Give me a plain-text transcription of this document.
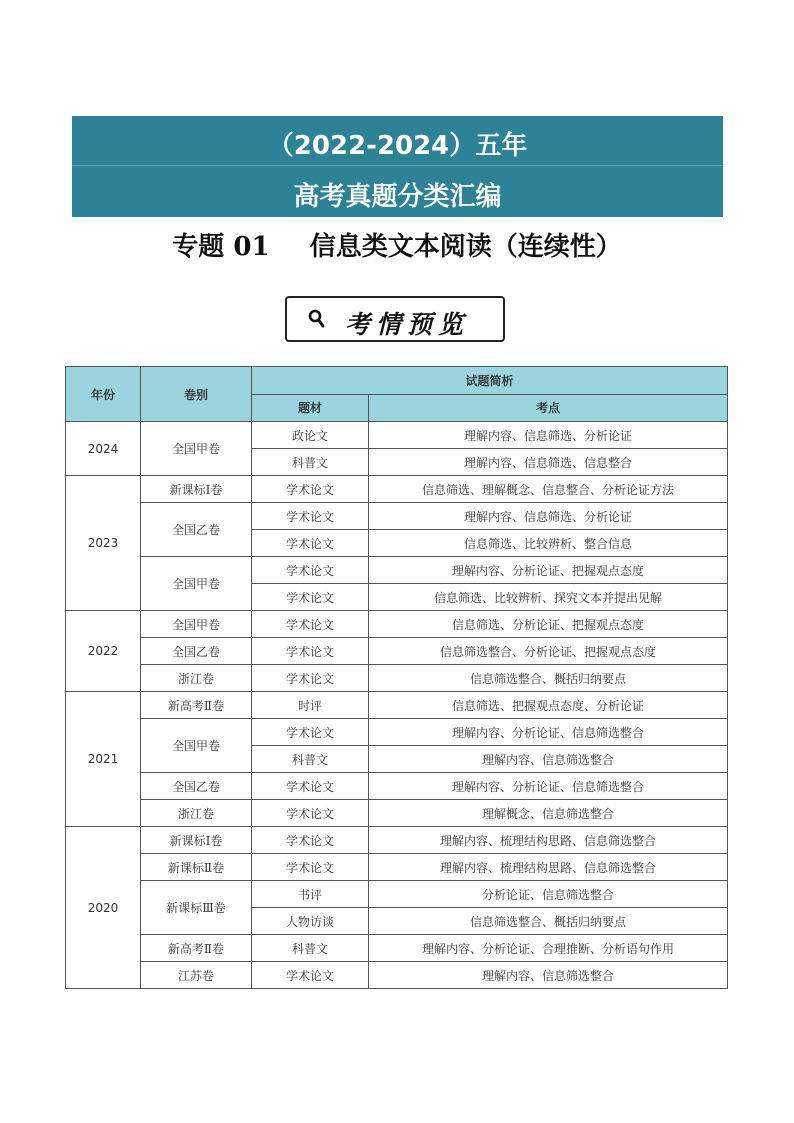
（2022-2024）五年
高考真题分类汇编
专题 01 信息类文本阅读（连续性）
考情预览
年份	卷别	试题简析	
		题材	考点
2024	全国甲卷	政论文	理解内容、信息筛选、分析论证
		科普文	理解内容、信息筛选、信息整合
2023	新课标Ⅰ卷	学术论文	信息筛选、理解概念、信息整合、分析论证方法
	全国乙卷	学术论文	理解内容、信息筛选、分析论证
		学术论文	信息筛选、比较辨析、整合信息
	全国甲卷	学术论文	理解内容、分析论证、把握观点态度
		学术论文	信息筛选、比较辨析、探究文本并提出见解
2022	全国甲卷	学术论文	信息筛选、分析论证、把握观点态度
	全国乙卷	学术论文	信息筛选整合、分析论证、把握观点态度
	浙江卷	学术论文	信息筛选整合、概括归纳要点
2021	新高考Ⅱ卷	时评	信息筛选、把握观点态度、分析论证
	全国甲卷	学术论文	理解内容、分析论证、信息筛选整合
		科普文	理解内容、信息筛选整合
	全国乙卷	学术论文	理解内容、分析论证、信息筛选整合
	浙江卷	学术论文	理解概念、信息筛选整合
2020	新课标Ⅰ卷	学术论文	理解内容、梳理结构思路、信息筛选整合
	新课标Ⅱ卷	学术论文	理解内容、梳理结构思路、信息筛选整合
	新课标Ⅲ卷	书评	分析论证、信息筛选整合
		人物访谈	信息筛选整合、概括归纳要点
	新高考Ⅱ卷	科普文	理解内容、分析论证、合理推断、分析语句作用
	江苏卷	学术论文	理解内容、信息筛选整合
